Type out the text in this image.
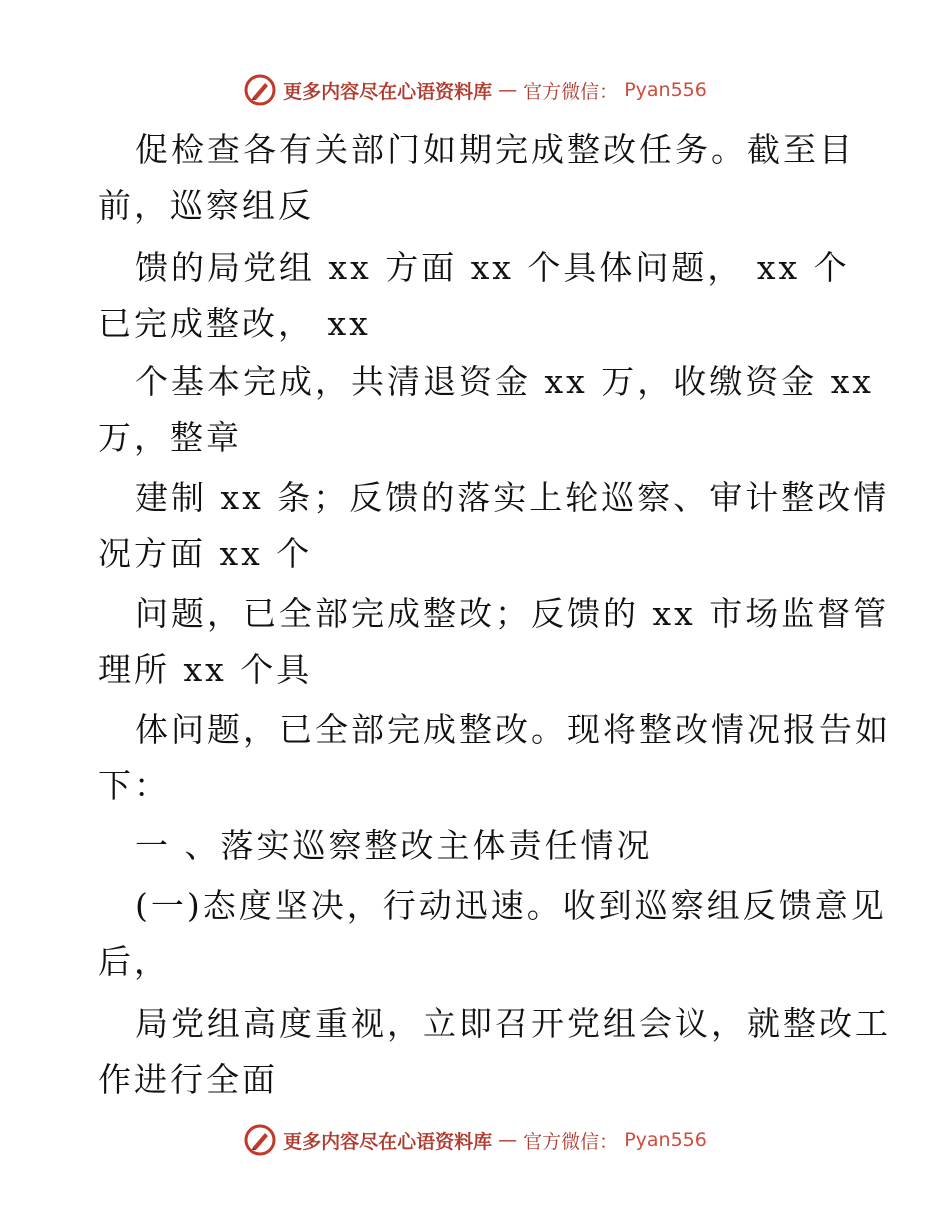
更多内容尽在心语资料库 — 官方微信： Pyan556
促检查各有关部门如期完成整改任务。截至目
前，巡察组反
馈的局党组 xx 方面 xx 个具体问题， xx 个
已完成整改， xx
个基本完成，共清退资金 xx 万，收缴资金 xx
万，整章
建制 xx 条；反馈的落实上轮巡察、审计整改情
况方面 xx 个
问题，已全部完成整改；反馈的 xx 市场监督管
理所 xx 个具
体问题，已全部完成整改。现将整改情况报告如
下：
一 、落实巡察整改主体责任情况
(一)态度坚决，行动迅速。收到巡察组反馈意见
后，
局党组高度重视，立即召开党组会议，就整改工
作进行全面
更多内容尽在心语资料库 — 官方微信： Pyan556
